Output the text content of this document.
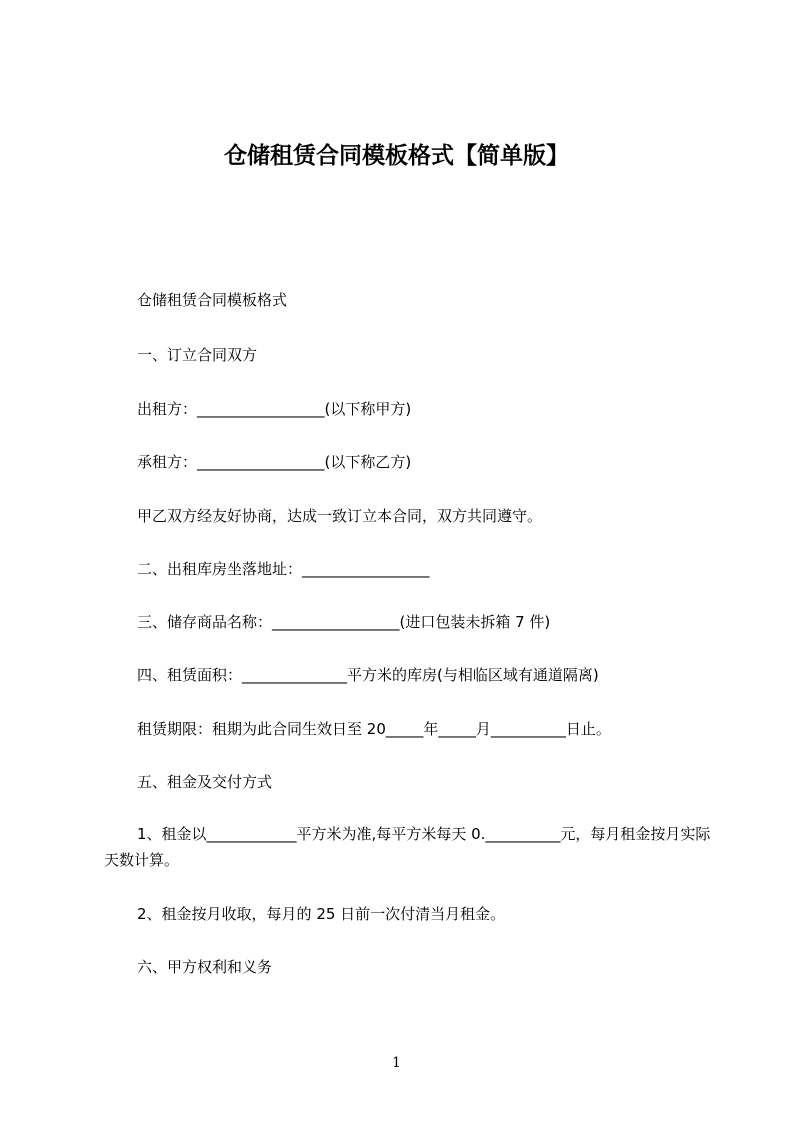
仓储租赁合同模板格式【简单版】
仓储租赁合同模板格式
一、订立合同双方
出租方：_________________(以下称甲方)
承租方：_________________(以下称乙方)
甲乙双方经友好协商，达成一致订立本合同，双方共同遵守。
二、出租库房坐落地址：_________________
三、储存商品名称：_________________(进口包装未拆箱 7 件)
四、租赁面积：______________平方米的库房(与相临区域有通道隔离)
租赁期限：租期为此合同生效日至 20_____年_____月__________日止。
五、租金及交付方式
1、租金以____________平方米为准,每平方米每天 0.__________元，每月租金按月实际天数计算。
2、租金按月收取，每月的 25 日前一次付清当月租金。
六、甲方权利和义务
1
